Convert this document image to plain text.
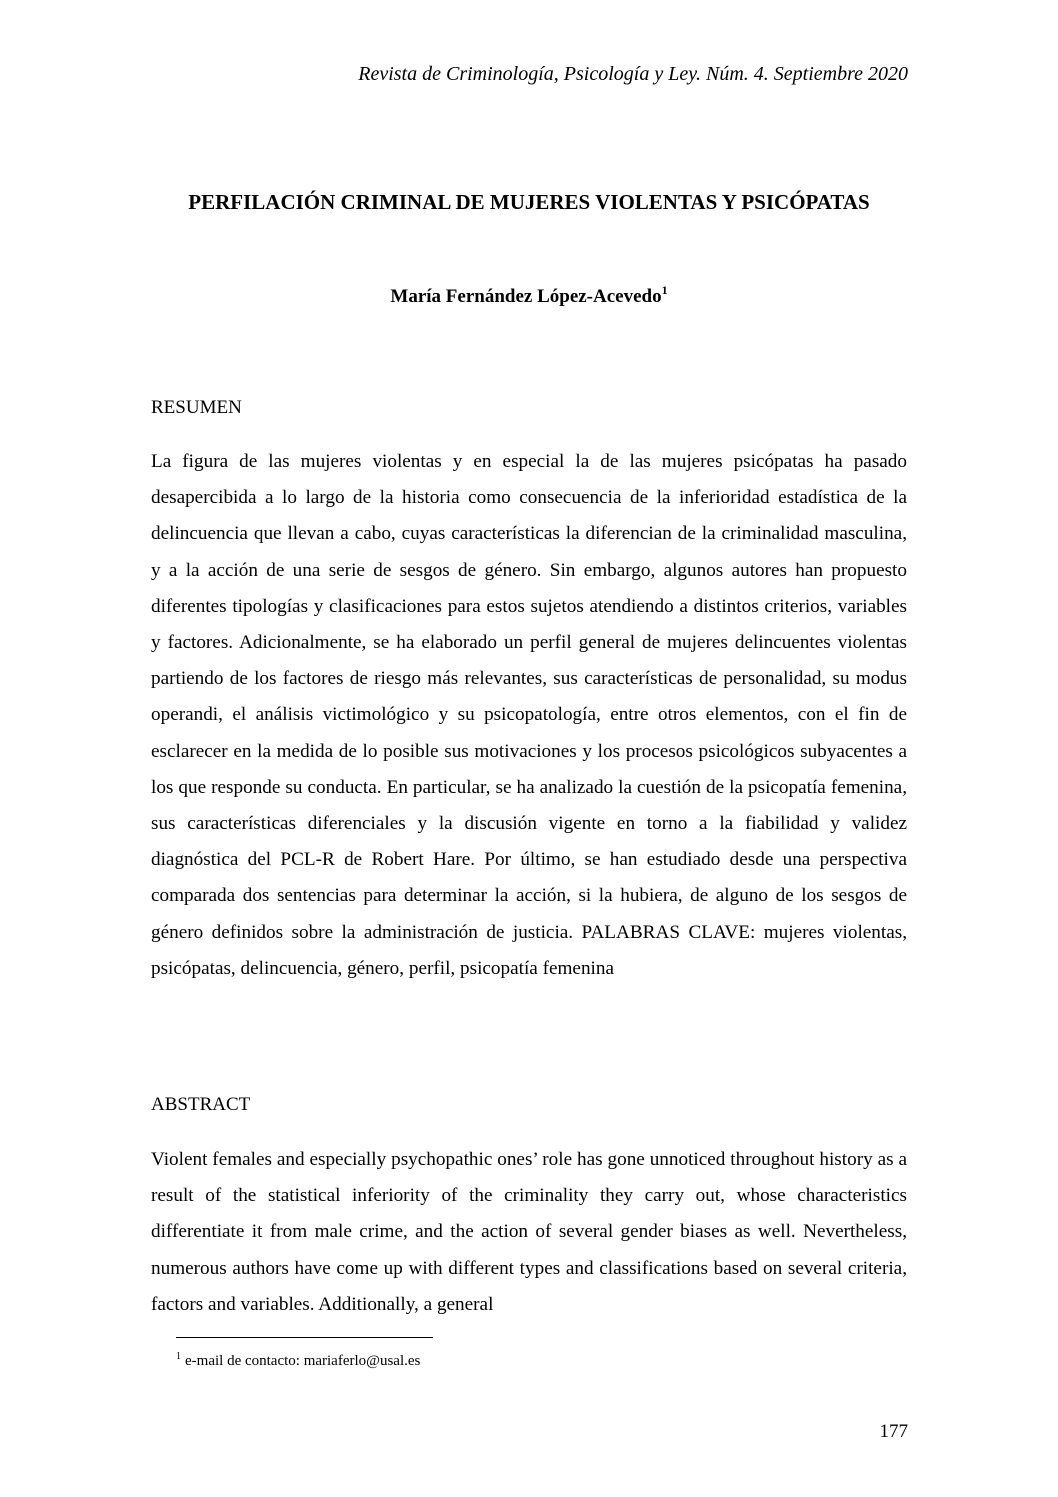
Revista de Criminología, Psicología y Ley. Núm. 4. Septiembre 2020
PERFILACIÓN CRIMINAL DE MUJERES VIOLENTAS Y PSICÓPATAS
María Fernández López-Acevedo$^1$
RESUMEN
La figura de las mujeres violentas y en especial la de las mujeres psicópatas ha pasado desapercibida a lo largo de la historia como consecuencia de la inferioridad estadística de la delincuencia que llevan a cabo, cuyas características la diferencian de la criminalidad masculina, y a la acción de una serie de sesgos de género. Sin embargo, algunos autores han propuesto diferentes tipologías y clasificaciones para estos sujetos atendiendo a distintos criterios, variables y factores. Adicionalmente, se ha elaborado un perfil general de mujeres delincuentes violentas partiendo de los factores de riesgo más relevantes, sus características de personalidad, su modus operandi, el análisis victimológico y su psicopatología, entre otros elementos, con el fin de esclarecer en la medida de lo posible sus motivaciones y los procesos psicológicos subyacentes a los que responde su conducta. En particular, se ha analizado la cuestión de la psicopatía femenina, sus características diferenciales y la discusión vigente en torno a la fiabilidad y validez diagnóstica del PCL-R de Robert Hare. Por último, se han estudiado desde una perspectiva comparada dos sentencias para determinar la acción, si la hubiera, de alguno de los sesgos de género definidos sobre la administración de justicia. PALABRAS CLAVE: mujeres violentas, psicópatas, delincuencia, género, perfil, psicopatía femenina
ABSTRACT
Violent females and especially psychopathic ones’ role has gone unnoticed throughout history as a result of the statistical inferiority of the criminality they carry out, whose characteristics differentiate it from male crime, and the action of several gender biases as well. Nevertheless, numerous authors have come up with different types and classifications based on several criteria, factors and variables. Additionally, a general
$^1$ e-mail de contacto: mariaferlo@usal.es
177
